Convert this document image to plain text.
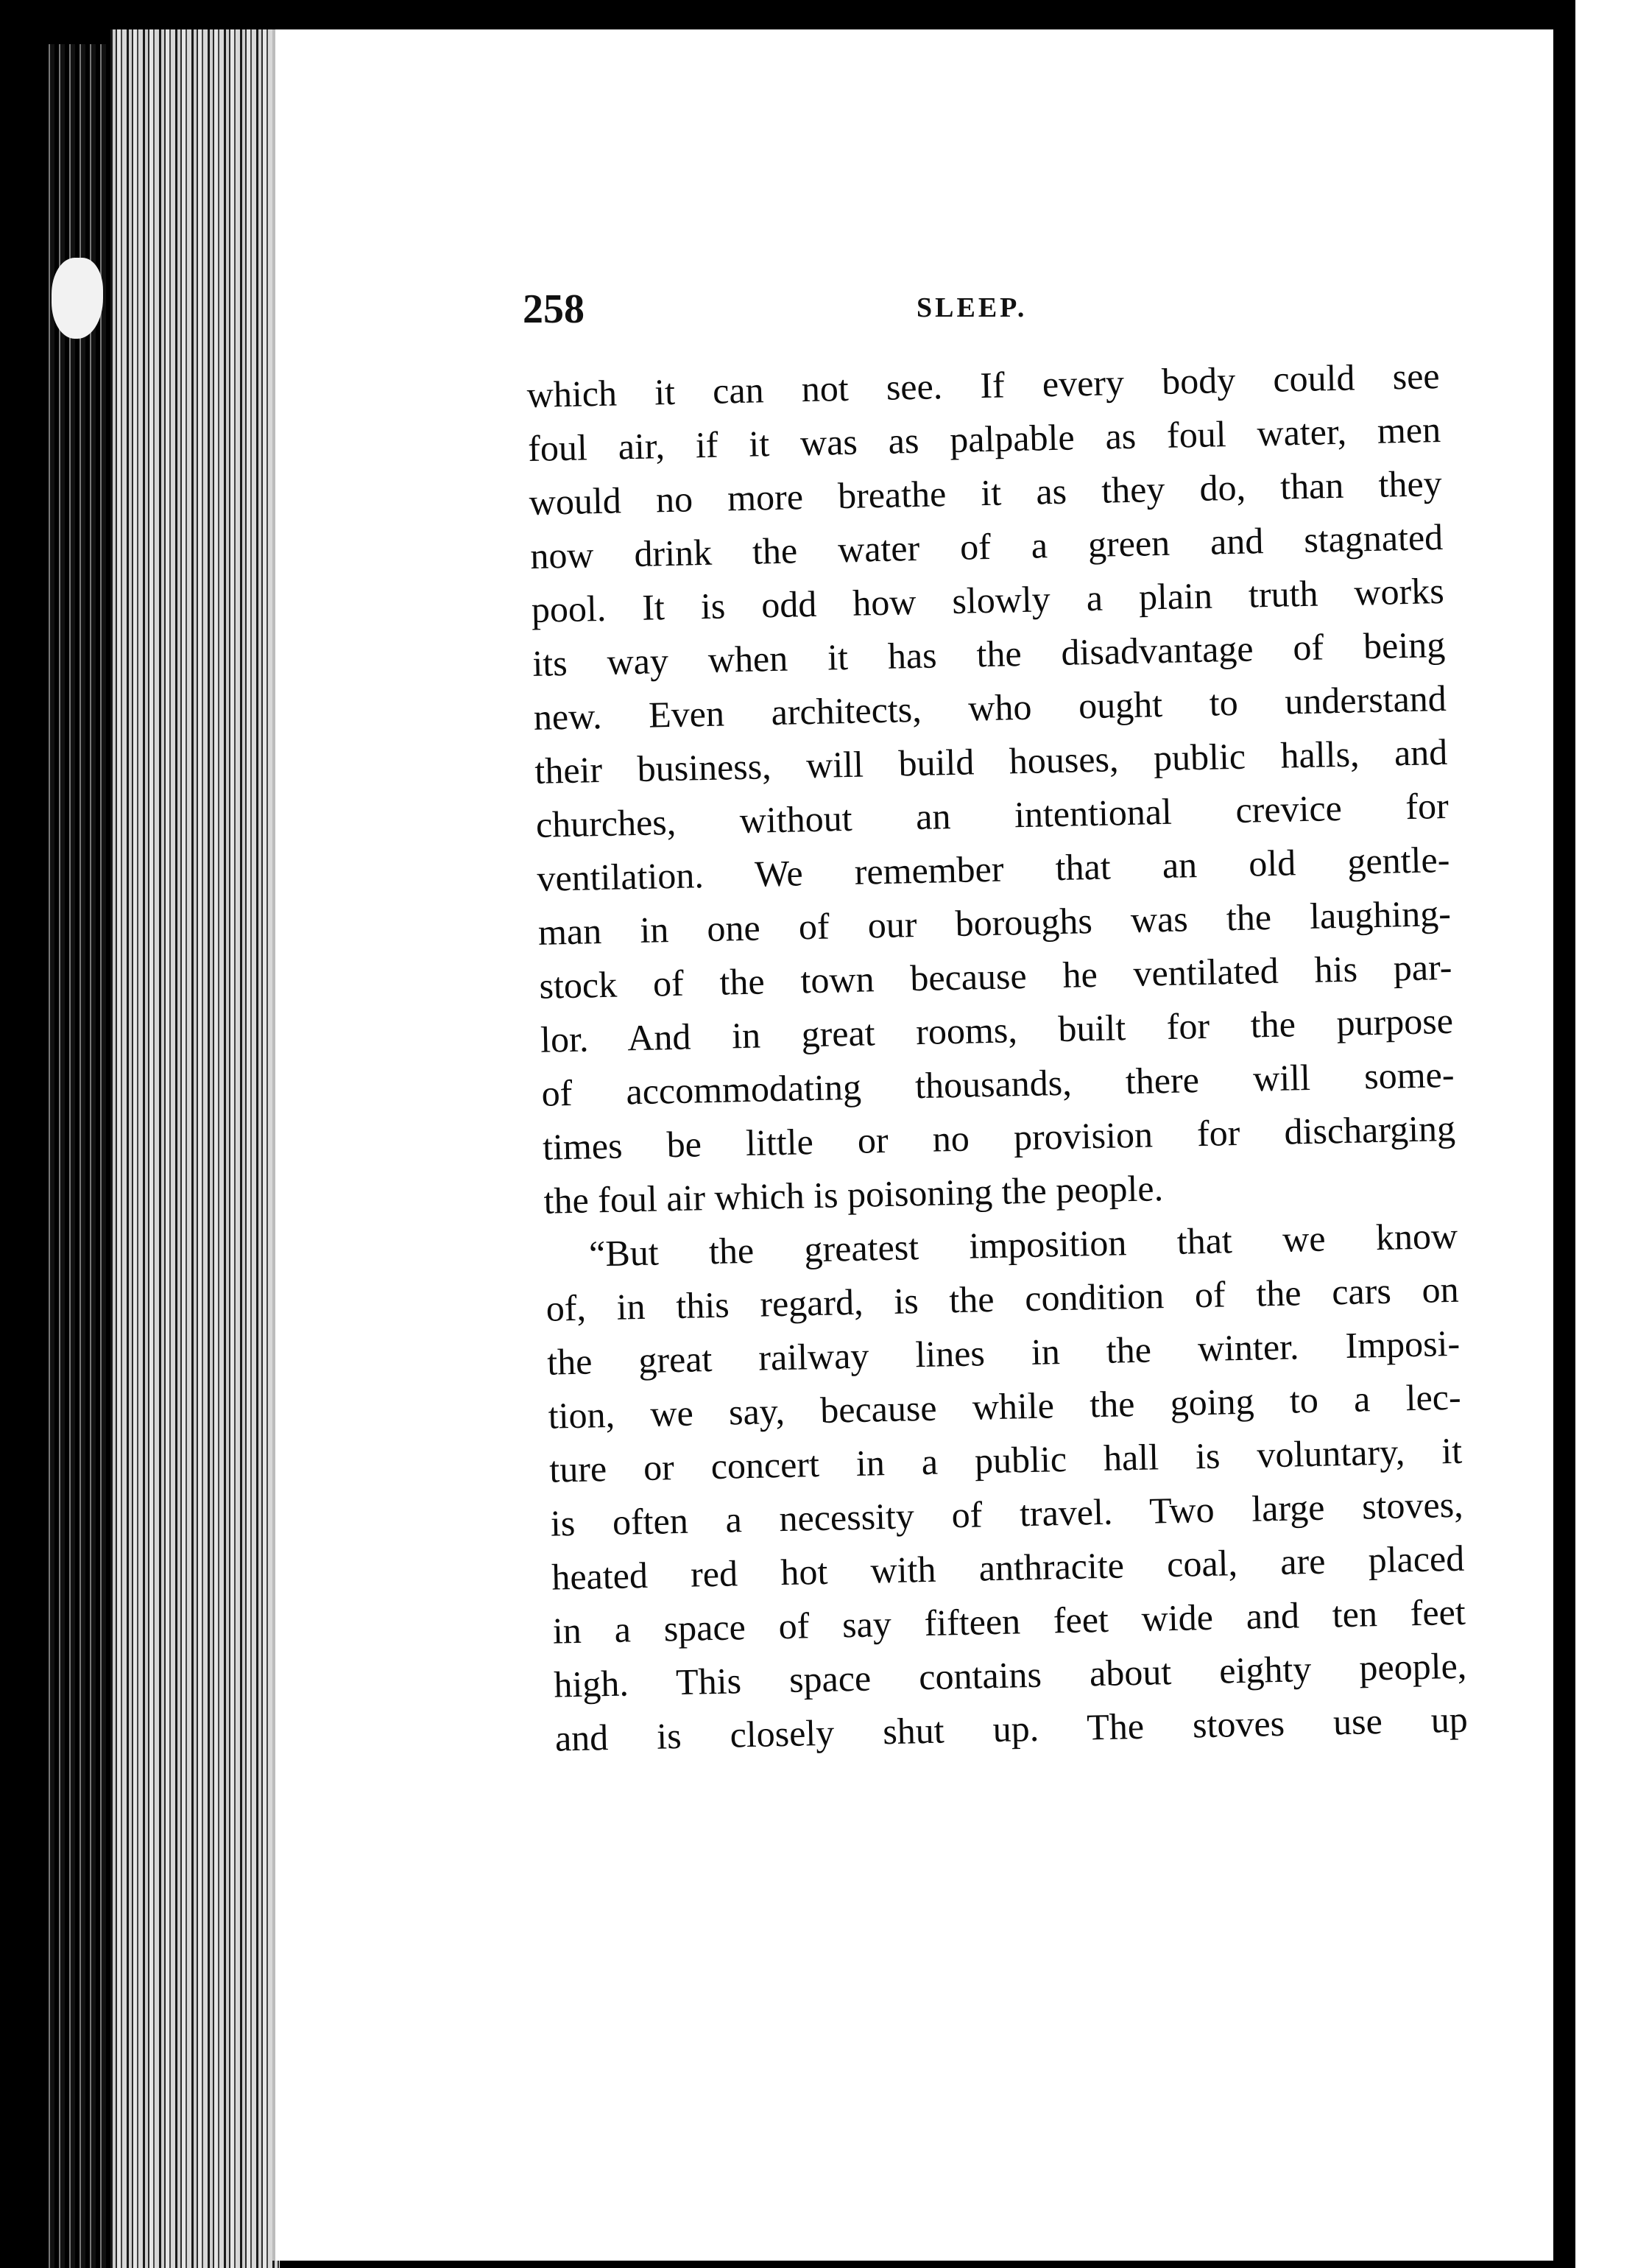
258	SLEEP.
which it can not see. If every body could see
foul air, if it was as palpable as foul water, men
would no more breathe it as they do, than they
now drink the water of a green and stagnated
pool. It is odd how slowly a plain truth works
its way when it has the disadvantage of being
new. Even architects, who ought to understand
their business, will build houses, public halls, and
churches, without an intentional crevice for
ventilation. We remember that an old gentle-
man in one of our boroughs was the laughing-
stock of the town because he ventilated his par-
lor. And in great rooms, built for the purpose
of accommodating thousands, there will some-
times be little or no provision for discharging
the foul air which is poisoning the people.
“But the greatest imposition that we know
of, in this regard, is the condition of the cars on
the great railway lines in the winter. Imposi-
tion, we say, because while the going to a lec-
ture or concert in a public hall is voluntary, it
is often a necessity of travel. Two large stoves,
heated red hot with anthracite coal, are placed
in a space of say fifteen feet wide and ten feet
high. This space contains about eighty people,
and is closely shut up. The stoves use up
